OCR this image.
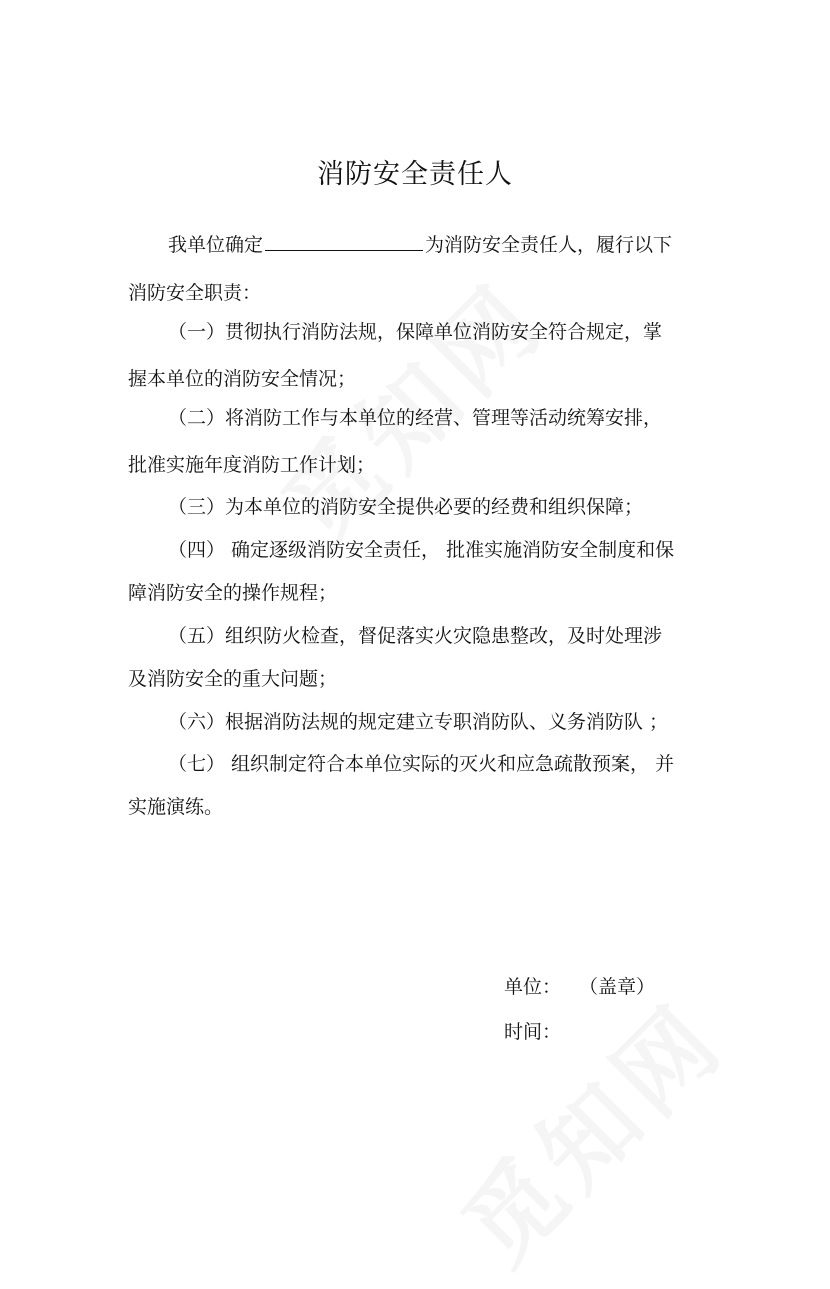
消防安全责任人
我单位确定	为消防安全责任人，履行以下
消防安全职责：
（一）贯彻执行消防法规，保障单位消防安全符合规定，掌
握本单位的消防安全情况；
（二）将消防工作与本单位的经营、管理等活动统筹安排，
批准实施年度消防工作计划；
（三）为本单位的消防安全提供必要的经费和组织保障；
（四） 确定逐级消防安全责任， 批准实施消防安全制度和保
障消防安全的操作规程；
（五）组织防火检查，督促落实火灾隐患整改，及时处理涉
及消防安全的重大问题；
（六）根据消防法规的规定建立专职消防队、义务消防队 ；
（七） 组织制定符合本单位实际的灭火和应急疏散预案， 并
实施演练。
单位： （盖章）
时间：
